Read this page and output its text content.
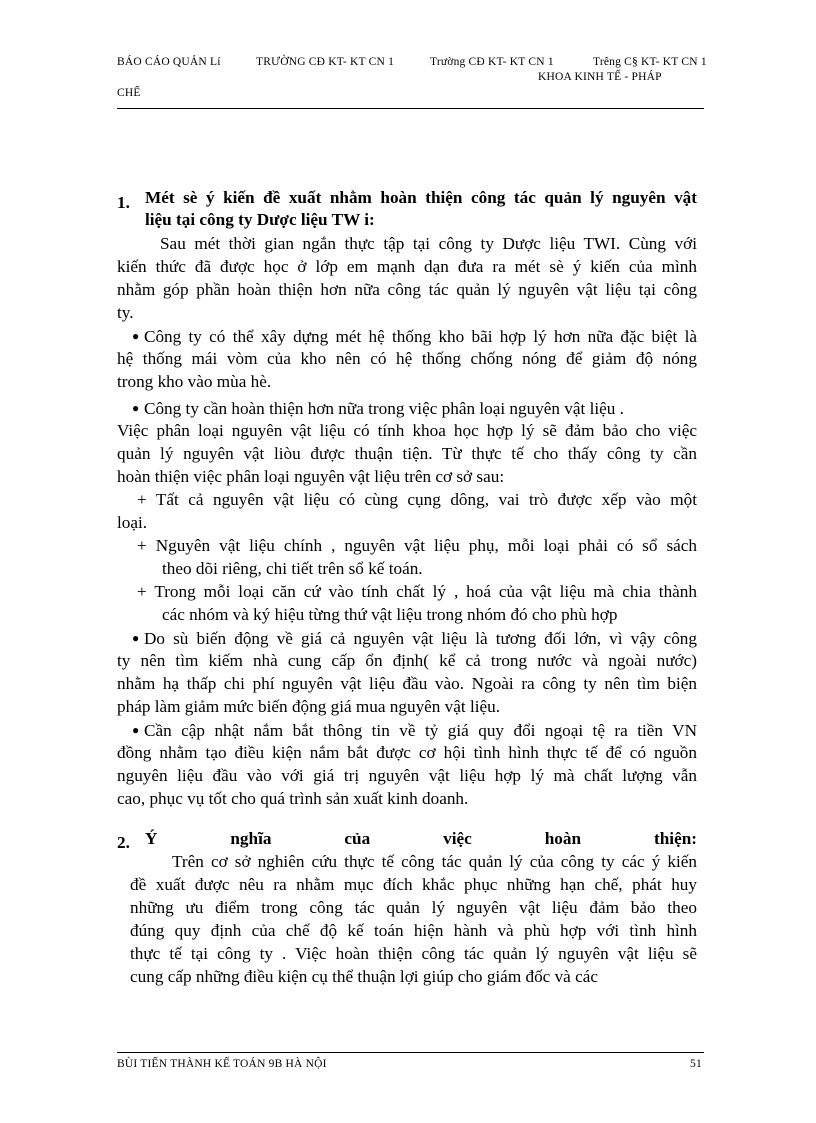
BÁO CÁO QUẢN Lí
CHẾ
TRƯỜNG CĐ KT- KT CN 1	Trường CĐ KT- KT CN 1	Trêng C§ KT- KT CN 1
KHOA KINH TẾ - PHÁP
1. Mét sè ý kiến đề xuất nhằm hoàn thiện công tác quản lý nguyên vật
liệu tại công ty Dược liệu TW i:
Sau mét thời gian ngắn thực tập tại công ty Dược liệu TWI. Cùng với
kiến thức đã được học ở lớp em mạnh dạn đưa ra mét sè ý kiến của mình
nhằm góp phần hoàn thiện hơn nữa công tác quản lý nguyên vật liệu tại công
ty.
● Công ty có thể xây dựng mét hệ thống kho bãi hợp lý hơn nữa đặc biệt là
hệ thống mái vòm của kho nên có hệ thống chống nóng để giảm độ nóng
trong kho vào mùa hè.
● Công ty cần hoàn thiện hơn nữa trong việc phân loại nguyên vật liệu .
Việc phân loại nguyên vật liệu có tính khoa học hợp lý sẽ đảm bảo cho việc
quản lý nguyên vật liòu được thuận tiện. Từ thực tế cho thấy công ty cần
hoàn thiện việc phân loại nguyên vật liệu trên cơ sở sau:
+ Tất cả nguyên vật liệu có cùng cụng dông, vai trò được xếp vào một
loại.
+ Nguyên vật liệu chính , nguyên vật liệu phụ, mỗi loại phải có sổ sách
theo dõi riêng, chi tiết trên sổ kế toán.
+ Trong mỗi loại căn cứ vào tính chất lý , hoá của vật liệu mà chia thành
các nhóm và ký hiệu từng thứ vật liệu trong nhóm đó cho phù hợp
● Do sù biến động về giá cả nguyên vật liệu là tương đối lớn, vì vậy công
ty nên tìm kiếm nhà cung cấp ổn định( kể cả trong nước và ngoài nước)
nhằm hạ thấp chi phí nguyên vật liệu đầu vào. Ngoài ra công ty nên tìm biện
pháp làm giảm mức biến động giá mua nguyên vật liệu.
● Cần cập nhật nắm bắt thông tin về tỷ giá quy đổi ngoại tệ ra tiền VN
đồng nhằm tạo điều kiện nắm bắt được cơ hội tình hình thực tế để có nguồn
nguyên liệu đầu vào với giá trị nguyên vật liệu hợp lý mà chất lượng vẫn
cao, phục vụ tốt cho quá trình sản xuất kinh doanh.
2. Ý nghĩa của việc hoàn thiện:
Trên cơ sở nghiên cứu thực tế công tác quản lý của công ty các ý kiến
đề xuất được nêu ra nhằm mục đích khắc phục những hạn chế, phát huy
những ưu điểm trong công tác quản lý nguyên vật liệu đảm bảo theo
đúng quy định của chế độ kế toán hiện hành và phù hợp với tình hình
thực tế tại công ty . Việc hoàn thiện công tác quản lý nguyên vật liệu sẽ
cung cấp những điều kiện cụ thể thuận lợi giúp cho giám đốc và các
BÙI TIẾN THÀNH KẾ TOÁN 9B HÀ NỘI	51
